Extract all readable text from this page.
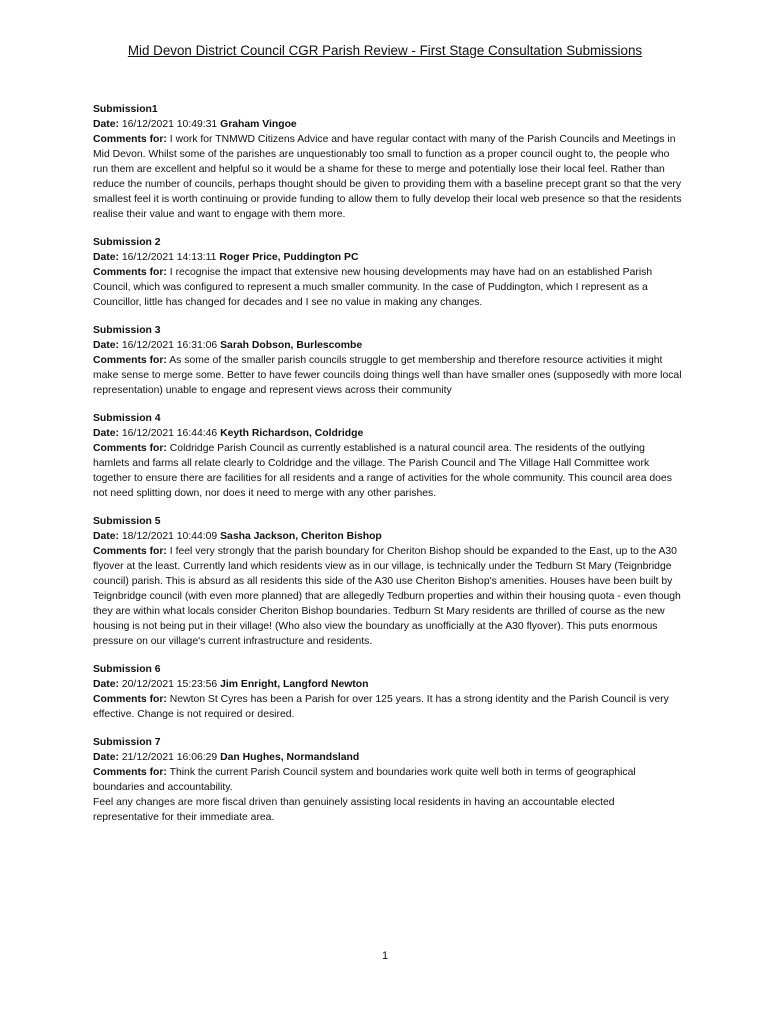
Mid Devon District Council CGR Parish Review - First Stage Consultation Submissions
Submission1
Date: 16/12/2021 10:49:31 Graham Vingoe
Comments for: I work for TNMWD Citizens Advice and have regular contact with many of the Parish Councils and Meetings in Mid Devon. Whilst some of the parishes are unquestionably too small to function as a proper council ought to, the people who run them are excellent and helpful so it would be a shame for these to merge and potentially lose their local feel. Rather than reduce the number of councils, perhaps thought should be given to providing them with a baseline precept grant so that the very smallest feel it is worth continuing or provide funding to allow them to fully develop their local web presence so that the residents realise their value and want to engage with them more.
Submission 2
Date: 16/12/2021 14:13:11 Roger Price, Puddington PC
Comments for: I recognise the impact that extensive new housing developments may have had on an established Parish Council, which was configured to represent a much smaller community. In the case of Puddington, which I represent as a Councillor, little has changed for decades and I see no value in making any changes.
Submission 3
Date: 16/12/2021 16:31:06 Sarah Dobson, Burlescombe
Comments for: As some of the smaller parish councils struggle to get membership and therefore resource activities it might make sense to merge some. Better to have fewer councils doing things well than have smaller ones (supposedly with more local representation) unable to engage and represent views across their community
Submission 4
Date: 16/12/2021 16:44:46 Keyth Richardson, Coldridge
Comments for: Coldridge Parish Council as currently established is a natural council area. The residents of the outlying hamlets and farms all relate clearly to Coldridge and the village. The Parish Council and The Village Hall Committee work together to ensure there are facilities for all residents and a range of activities for the whole community. This council area does not need splitting down, nor does it need to merge with any other parishes.
Submission 5
Date: 18/12/2021 10:44:09 Sasha Jackson, Cheriton Bishop
Comments for: I feel very strongly that the parish boundary for Cheriton Bishop should be expanded to the East, up to the A30 flyover at the least. Currently land which residents view as in our village, is technically under the Tedburn St Mary (Teignbridge council) parish. This is absurd as all residents this side of the A30 use Cheriton Bishop's amenities. Houses have been built by Teignbridge council (with even more planned) that are allegedly Tedburn properties and within their housing quota - even though they are within what locals consider Cheriton Bishop boundaries. Tedburn St Mary residents are thrilled of course as the new housing is not being put in their village! (Who also view the boundary as unofficially at the A30 flyover). This puts enormous pressure on our village's current infrastructure and residents.
Submission 6
Date: 20/12/2021 15:23:56 Jim Enright, Langford Newton
Comments for: Newton St Cyres has been a Parish for over 125 years. It has a strong identity and the Parish Council is very effective. Change is not required or desired.
Submission 7
Date: 21/12/2021 16:06:29 Dan Hughes, Normandsland
Comments for: Think the current Parish Council system and boundaries work quite well both in terms of geographical boundaries and accountability.
Feel any changes are more fiscal driven than genuinely assisting local residents in having an accountable elected representative for their immediate area.
1
